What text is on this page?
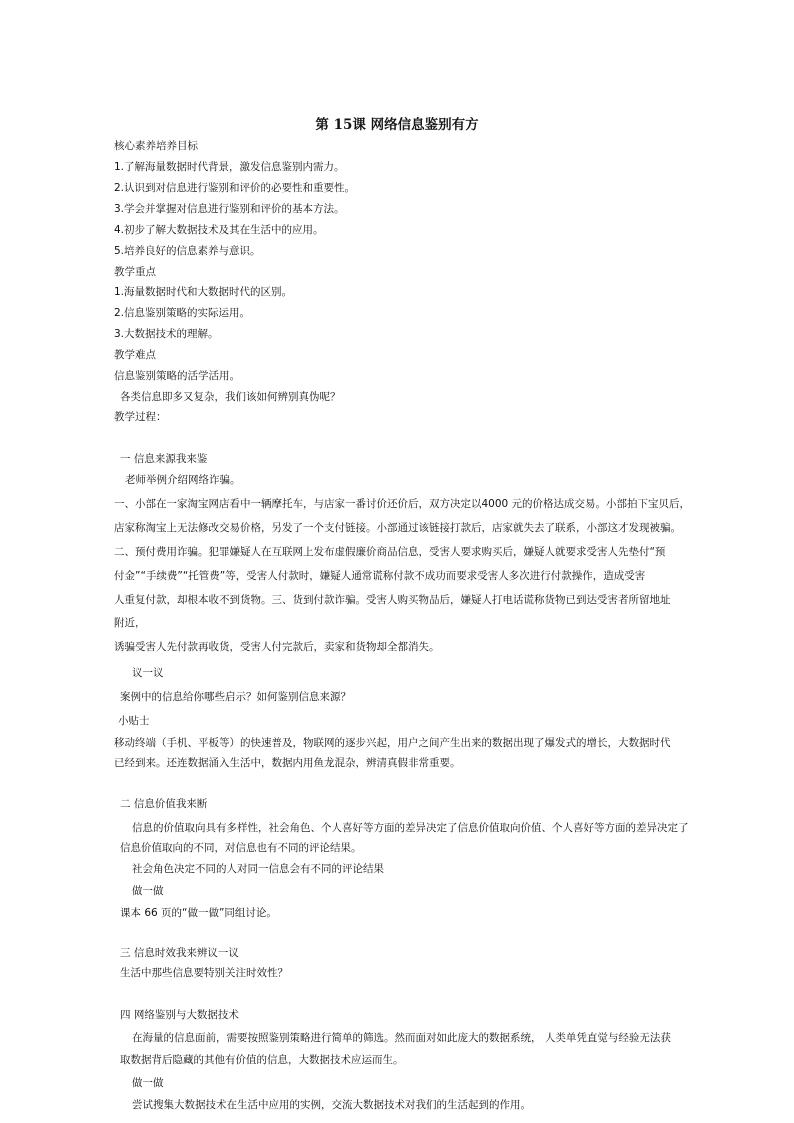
第 15课 网络信息鉴别有方
核心素养培养目标
1.了解海量数据时代背景，激发信息鉴别内需力。
2.认识到对信息进行鉴别和评价的必要性和重要性。
3.学会并掌握对信息进行鉴别和评价的基本方法。
4.初步了解大数据技术及其在生活中的应用。
5.培养良好的信息素养与意识。
教学重点
1.海量数据时代和大数据时代的区别。
2.信息鉴别策略的实际运用。
3.大数据技术的理解。
教学难点
信息鉴别策略的活学活用。
各类信息即多又复杂，我们该如何辨别真伪呢？
教学过程：
一 信息来源我来鉴
老师举例介绍网络诈骗。
一、小部在一家淘宝网店看中一辆摩托车，与店家一番讨价还价后，双方决定以4000 元的价格达成交易。小部拍下宝贝后，
店家称淘宝上无法修改交易价格，另发了一个支付链接。小部通过该链接打款后，店家就失去了联系，小部这才发现被骗。
二、预付费用诈骗。犯罪嫌疑人在互联网上发布虚假廉价商品信息，受害人要求购买后，嫌疑人就要求受害人先垫付“预
付金”“手续费”“托管费”等，受害人付款时，嫌疑人通常谎称付款不成功而要求受害人多次进行付款操作，造成受害
人重复付款，却根本收不到货物。三、货到付款诈骗。受害人购买物品后，嫌疑人打电话谎称货物已到达受害者所留地址
附近，
诱骗受害人先付款再收货，受害人付完款后，卖家和货物却全都消失。
议一议
案例中的信息给你哪些启示？如何鉴别信息来源？
小贴士
移动终端（手机、平板等）的快速普及，物联网的逐步兴起，用户之间产生出来的数据出现了爆发式的增长，大数据时代
已经到来。还连数据涌入生活中，数据内用鱼龙混杂，辨清真假非常重要。
二 信息价值我来断
信息的价值取向具有多样性，社会角色、个人喜好等方面的差异决定了信息价值取向价值、个人喜好等方面的差异决定了
信息价值取向的不同，对信息也有不同的评论结果。
社会角色决定不同的人对同一信息会有不同的评论结果
做一做
课本 66 页的“做一做”同组讨论。
三 信息时效我来辨议一议
生活中那些信息要特别关注时效性？
四 网络鉴别与大数据技术
在海量的信息面前，需要按照鉴别策略进行简单的筛选。然而面对如此庞大的数据系统， 人类单凭直觉与经验无法获
取数据背后隐藏的其他有价值的信息，大数据技术应运而生。
做一做
尝试搜集大数据技术在生活中应用的实例，交流大数据技术对我们的生活起到的作用。
